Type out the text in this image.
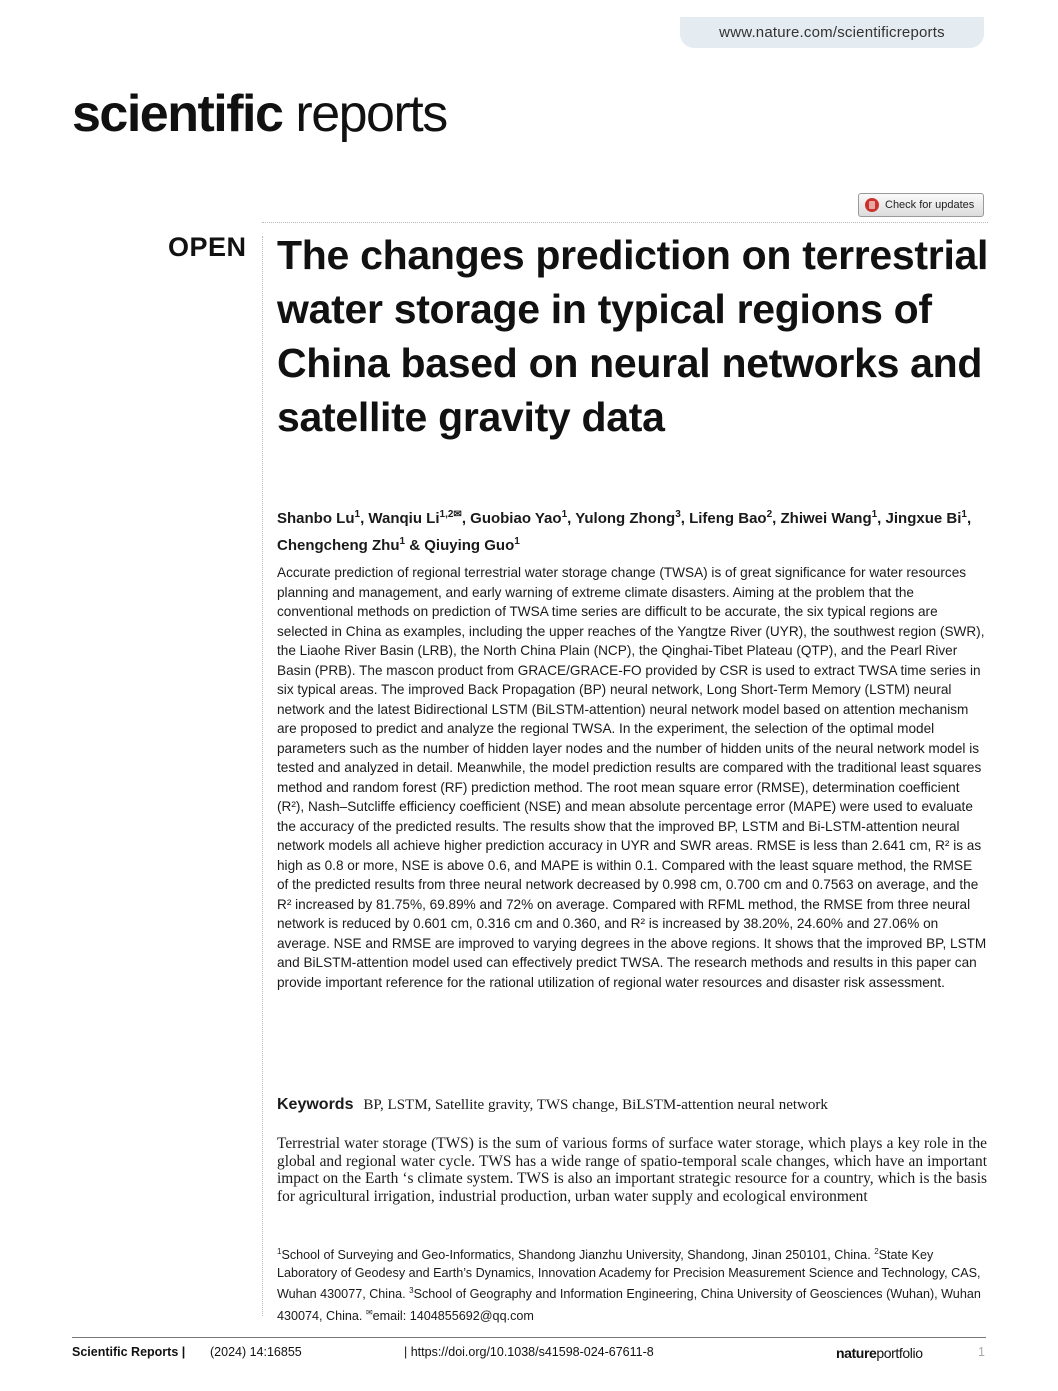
www.nature.com/scientificreports
scientific reports
Check for updates
OPEN The changes prediction on terrestrial water storage in typical regions of China based on neural networks and satellite gravity data

Shanbo Lu$^1$, Wanqiu $Li^{1,2✉}$, Guobiao Yao$^1$, Yulong Zhong$^3$, Lifeng Bao$^2$, Zhiwei Wang$^1$, Jingxue Bi$^1$, Chengcheng Zhu$^1$ & Qiuying Guo$^1$

Accurate prediction of regional terrestrial water storage change (TWSA) is of great significance for water resources planning and management, and early warning of extreme climate disasters. Aiming at the problem that the conventional methods on prediction of TWSA time series are difficult to be accurate, the six typical regions are selected in China as examples, including the upper reaches of the Yangtze River (UYR), the southwest region (SWR), the Liaohe River Basin (LRB), the North China Plain (NCP), the Qinghai-Tibet Plateau (QTP), and the Pearl River Basin (PRB). The mascon product from GRACE/GRACE-FO provided by CSR is used to extract TWSA time series in six typical areas. The improved Back Propagation (BP) neural network, Long Short-Term Memory (LSTM) neural network and the latest Bidirectional LSTM (BiLSTM-attention) neural network model based on attention mechanism are proposed to predict and analyze the regional TWSA. In the experiment, the selection of the optimal model parameters such as the number of hidden layer nodes and the number of hidden units of the neural network model is tested and analyzed in detail. Meanwhile, the model prediction results are compared with the traditional least squares method and random forest (RF) prediction method. The root mean square error (RMSE), determination coefficient (R²), Nash–Sutcliffe efficiency coefficient (NSE) and mean absolute percentage error (MAPE) were used to evaluate the accuracy of the predicted results. The results show that the improved BP, LSTM and Bi-LSTM-attention neural network models all achieve higher prediction accuracy in UYR and SWR areas. RMSE is less than 2.641 cm, R² is as high as 0.8 or more, NSE is above 0.6, and MAPE is within 0.1. Compared with the least square method, the RMSE of the predicted results from three neural network decreased by 0.998 cm, 0.700 cm and 0.7563 on average, and the R² increased by 81.75%, 69.89% and 72% on average. Compared with RFML method, the RMSE from three neural network is reduced by 0.601 cm, 0.316 cm and 0.360, and R² is increased by 38.20%, 24.60% and 27.06% on average. NSE and RMSE are improved to varying degrees in the above regions. It shows that the improved BP, LSTM and BiLSTM-attention model used can effectively predict TWSA. The research methods and results in this paper can provide important reference for the rational utilization of regional water resources and disaster risk assessment.

Keywords BP, LSTM, Satellite gravity, TWS change, BiLSTM-attention neural network

Terrestrial water storage (TWS) is the sum of various forms of surface water storage, which plays a key role in the global and regional water cycle. TWS has a wide range of spatio-temporal scale changes, which have an important impact on the Earth ‘s climate system. TWS is also an important strategic resource for a country, which is the basis for agricultural irrigation, industrial production, urban water supply and ecological environment

$^1$School of Surveying and Geo-Informatics, Shandong Jianzhu University, Shandong, Jinan 250101, China. $^2$State Key Laboratory of Geodesy and Earth’s Dynamics, Innovation Academy for Precision Measurement Science and Technology, CAS, Wuhan 430077, China. $^3$School of Geography and Information Engineering, China University of Geosciences (Wuhan), Wuhan 430074, China. ✉email: 1404855692@qq.com

Scientific Reports | (2024) 14:16855	| https://doi.org/10.1038/s41598-024-67611-8	natureportfolio	1
